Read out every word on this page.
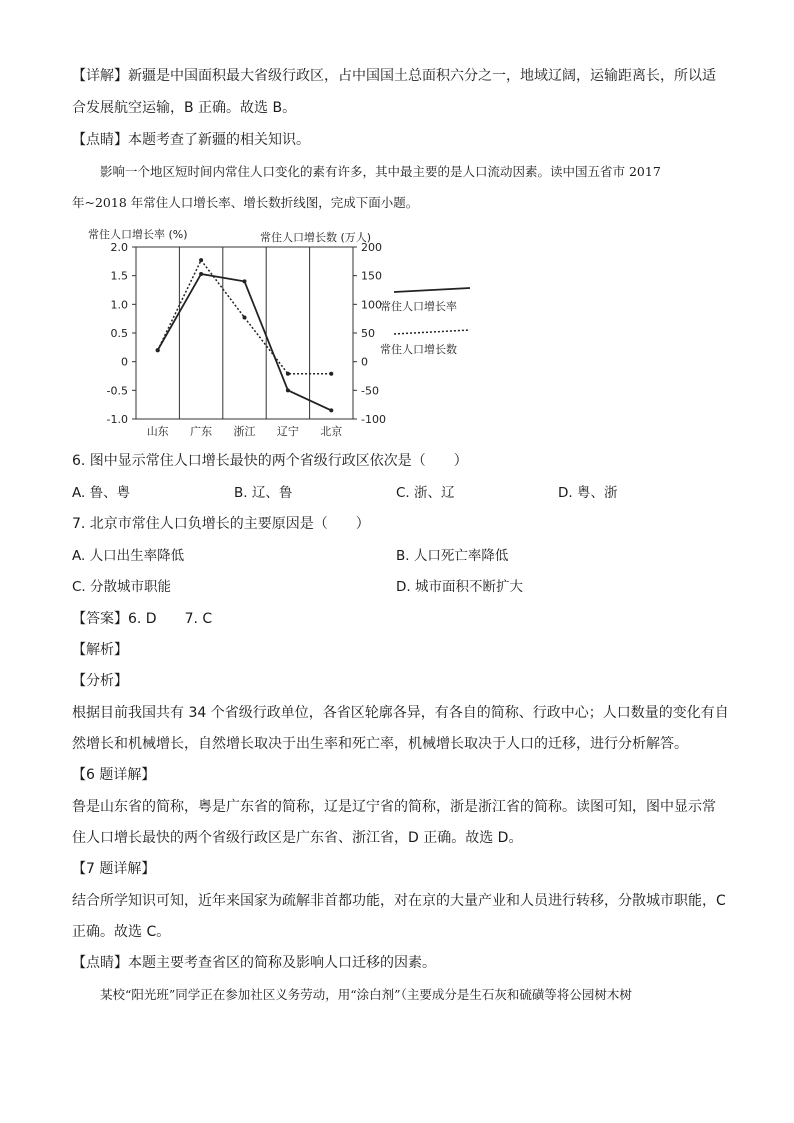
【详解】新疆是中国面积最大省级行政区，占中国国土总面积六分之一，地域辽阔，运输距离长，所以适
合发展航空运输，B 正确。故选 B。
【点睛】本题考查了新疆的相关知识。
影响一个地区短时间内常住人口变化的素有许多，其中最主要的是人口流动因素。读中国五省市 2017
年~2018 年常住人口增长率、增长数折线图，完成下面小题。
2.0
1.5
1.0
0.5
0
-0.5
-1.0
200
150
100
50
0
-50
-100
山东 广东 浙江 辽宁 北京
常住人口增长率 (%)	常住人口增长数 (万人)
常住人口增长率
常住人口增长数
6. 图中显示常住人口增长最快的两个省级行政区依次是（　　）
A. 鲁、粤	B. 辽、鲁	C. 浙、辽	D. 粤、浙
7. 北京市常住人口负增长的主要原因是（　　）
A. 人口出生率降低	B. 人口死亡率降低
C. 分散城市职能	D. 城市面积不断扩大
【答案】6. D　　7. C
【解析】
【分析】
根据目前我国共有 34 个省级行政单位，各省区轮廓各异，有各自的简称、行政中心；人口数量的变化有自
然增长和机械增长，自然增长取决于出生率和死亡率，机械增长取决于人口的迁移，进行分析解答。
【6 题详解】
鲁是山东省的简称，粤是广东省的简称，辽是辽宁省的简称，浙是浙江省的简称。读图可知，图中显示常
住人口增长最快的两个省级行政区是广东省、浙江省，D 正确。故选 D。
【7 题详解】
结合所学知识可知，近年来国家为疏解非首都功能，对在京的大量产业和人员进行转移，分散城市职能，C
正确。故选 C。
【点睛】本题主要考查省区的简称及影响人口迁移的因素。
某校“阳光班”同学正在参加社区义务劳动，用“涂白剂”（主要成分是生石灰和硫磺等将公园树木树
